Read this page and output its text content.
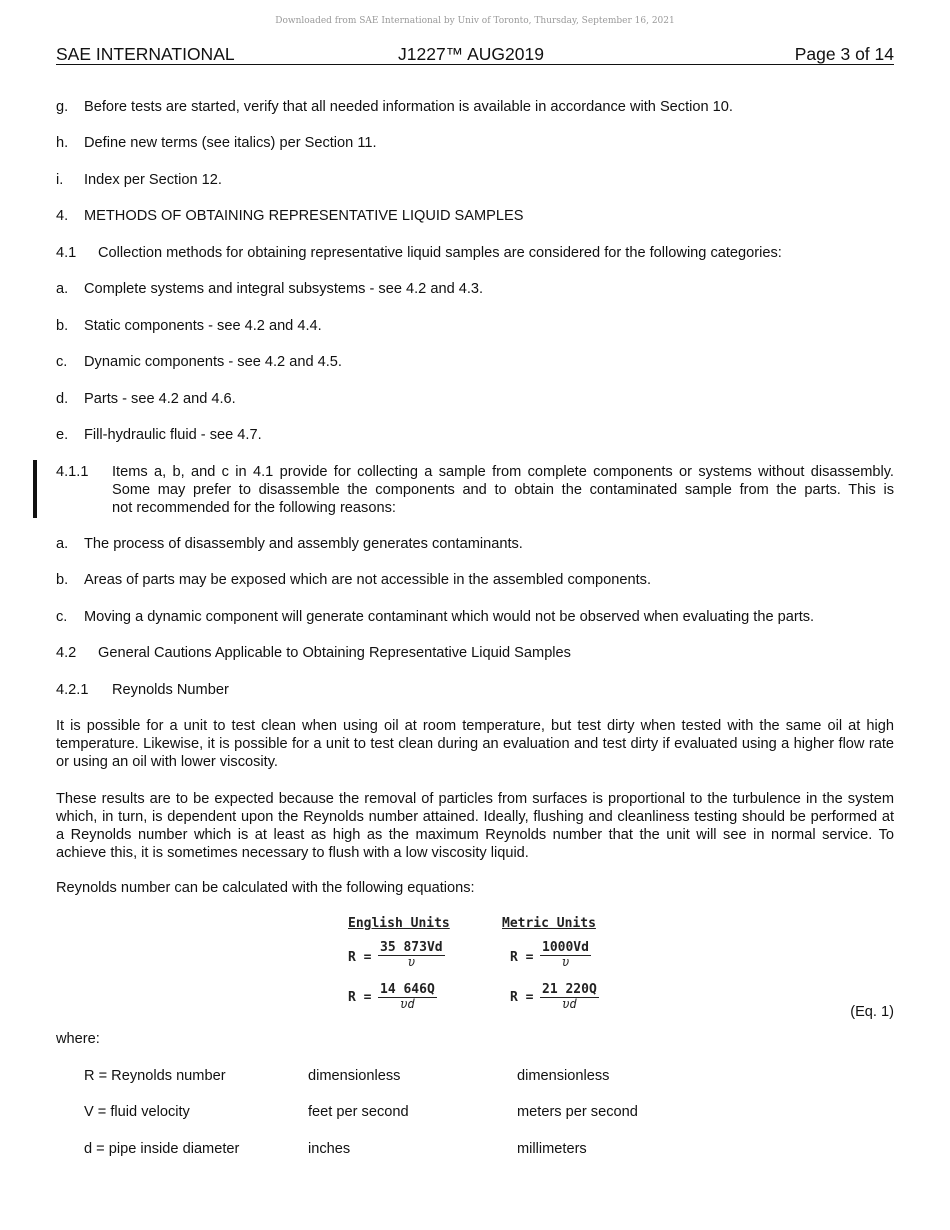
Downloaded from SAE International by Univ of Toronto, Thursday, September 16, 2021
SAE INTERNATIONAL	J1227™ AUG2019	Page 3 of 14
g. Before tests are started, verify that all needed information is available in accordance with Section 10.
h. Define new terms (see italics) per Section 11.
i. Index per Section 12.
4. METHODS OF OBTAINING REPRESENTATIVE LIQUID SAMPLES
4.1 Collection methods for obtaining representative liquid samples are considered for the following categories:
a. Complete systems and integral subsystems - see 4.2 and 4.3.
b. Static components - see 4.2 and 4.4.
c. Dynamic components - see 4.2 and 4.5.
d. Parts - see 4.2 and 4.6.
e. Fill-hydraulic fluid - see 4.7.
4.1.1 Items a, b, and c in 4.1 provide for collecting a sample from complete components or systems without disassembly.
Some may prefer to disassemble the components and to obtain the contaminated sample from the parts. This is
not recommended for the following reasons:
a. The process of disassembly and assembly generates contaminants.
b. Areas of parts may be exposed which are not accessible in the assembled components.
c. Moving a dynamic component will generate contaminant which would not be observed when evaluating the parts.
4.2 General Cautions Applicable to Obtaining Representative Liquid Samples
4.2.1 Reynolds Number

It is possible for a unit to test clean when using oil at room temperature, but test dirty when tested with the same oil at high temperature. Likewise, it is possible for a unit to test clean during an evaluation and test dirty if evaluated using a higher flow rate or using an oil with lower viscosity.

These results are to be expected because the removal of particles from surfaces is proportional to the turbulence in the system which, in turn, is dependent upon the Reynolds number attained. Ideally, flushing and cleanliness testing should be performed at a Reynolds number which is at least as high as the maximum Reynolds number that the unit will see in normal service. To achieve this, it is sometimes necessary to flush with a low viscosity liquid.

Reynolds number can be calculated with the following equations:
English Units	Metric Units
$R = \frac{35 873Vd}{\upsilon}$	$R = \frac{1000Vd}{\upsilon}$
$R = \frac{14 646Q}{\upsilon d}$	$R = \frac{21 220Q}{\upsilon d}$
(Eq. 1)
where:
R = Reynolds number	dimensionless	dimensionless
V = fluid velocity	feet per second	meters per second
d = pipe inside diameter	inches	millimeters
